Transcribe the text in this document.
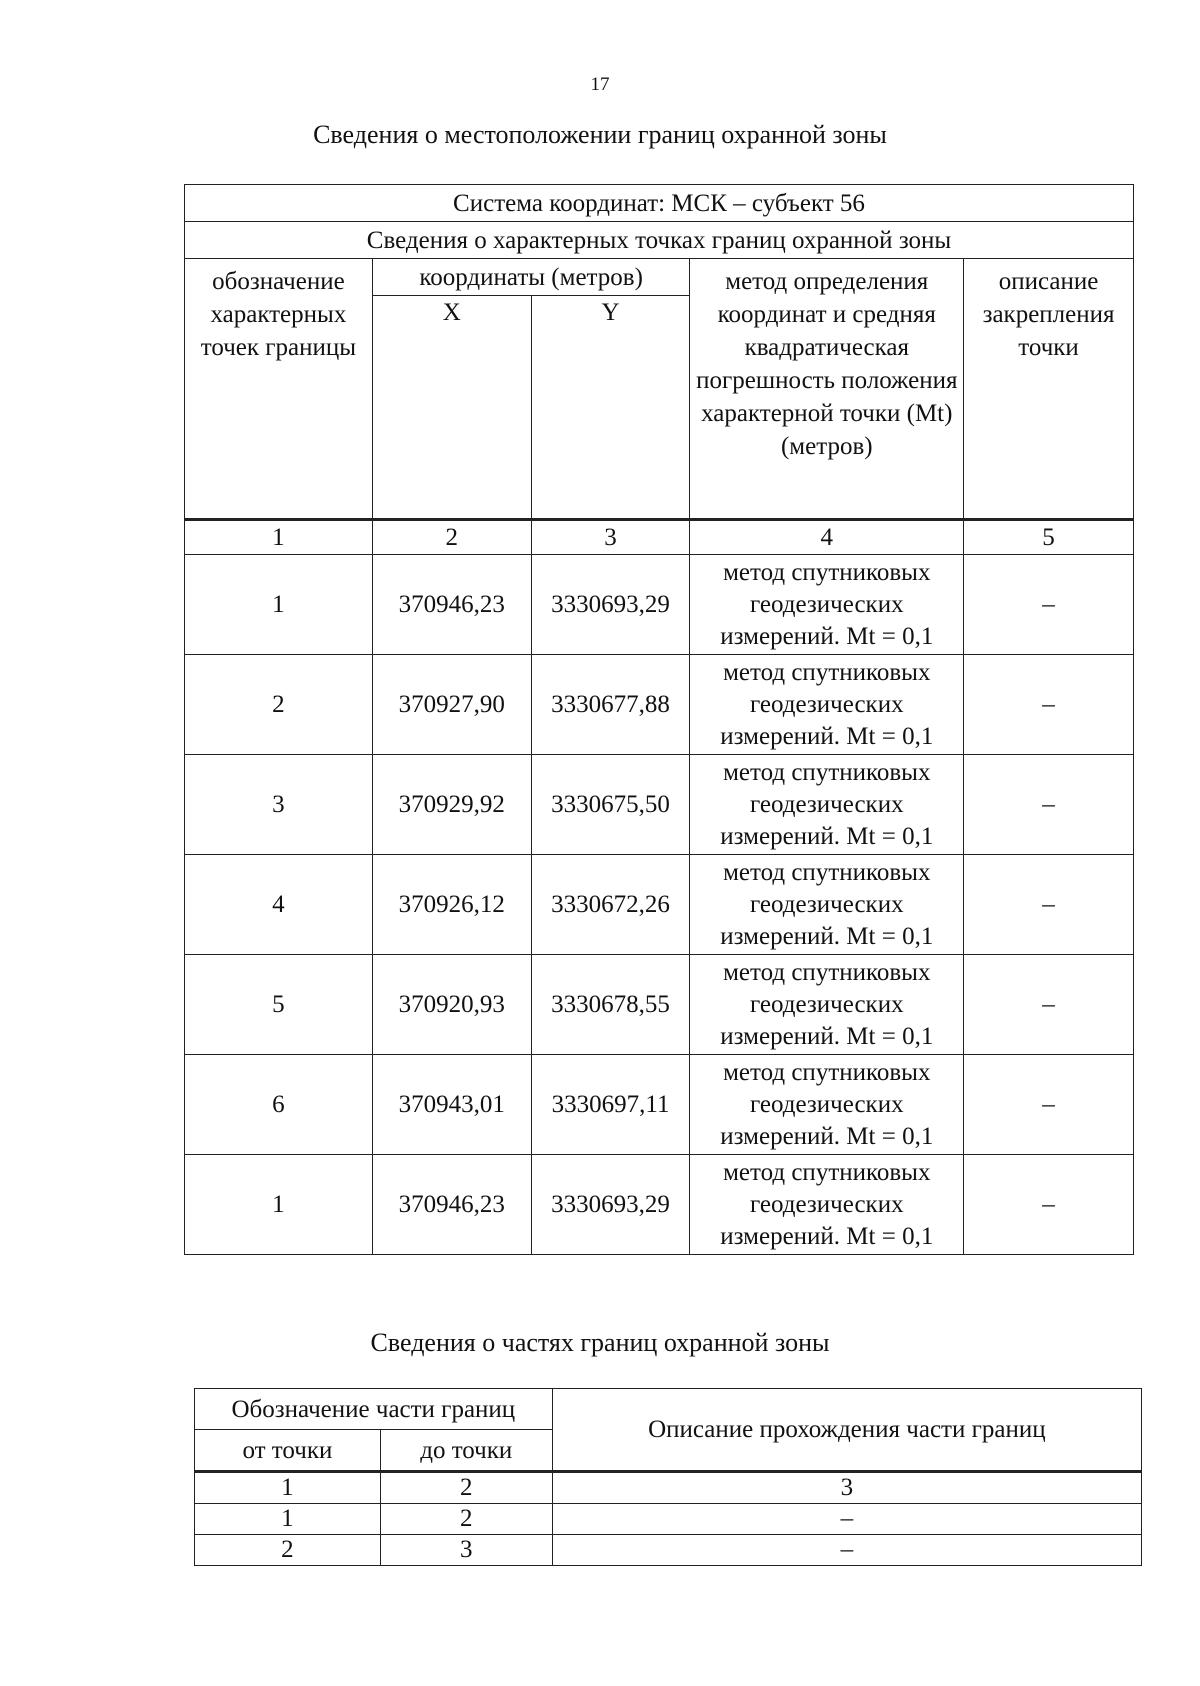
17
Сведения о местоположении границ охранной зоны
Система координат: МСК – субъект 56				
Сведения о характерных точках границ охранной зоны				
обозначение характерных точек границы	координаты (метров)		метод определения координат и средняя квадратическая погрешность положения характерной точки (Mt) (метров)	описание закрепления точки
	X	Y		
1	2	3	4	5
1	370946,23	3330693,29	метод спутниковых геодезических измерений. Mt = 0,1	–
2	370927,90	3330677,88	метод спутниковых геодезических измерений. Mt = 0,1	–
3	370929,92	3330675,50	метод спутниковых геодезических измерений. Mt = 0,1	–
4	370926,12	3330672,26	метод спутниковых геодезических измерений. Mt = 0,1	–
5	370920,93	3330678,55	метод спутниковых геодезических измерений. Mt = 0,1	–
6	370943,01	3330697,11	метод спутниковых геодезических измерений. Mt = 0,1	–
1	370946,23	3330693,29	метод спутниковых геодезических измерений. Mt = 0,1	–
Сведения о частях границ охранной зоны
Обозначение части границ		Описание прохождения части границ
от точки	до точки	
1	2	3
1	2	–
2	3	–
